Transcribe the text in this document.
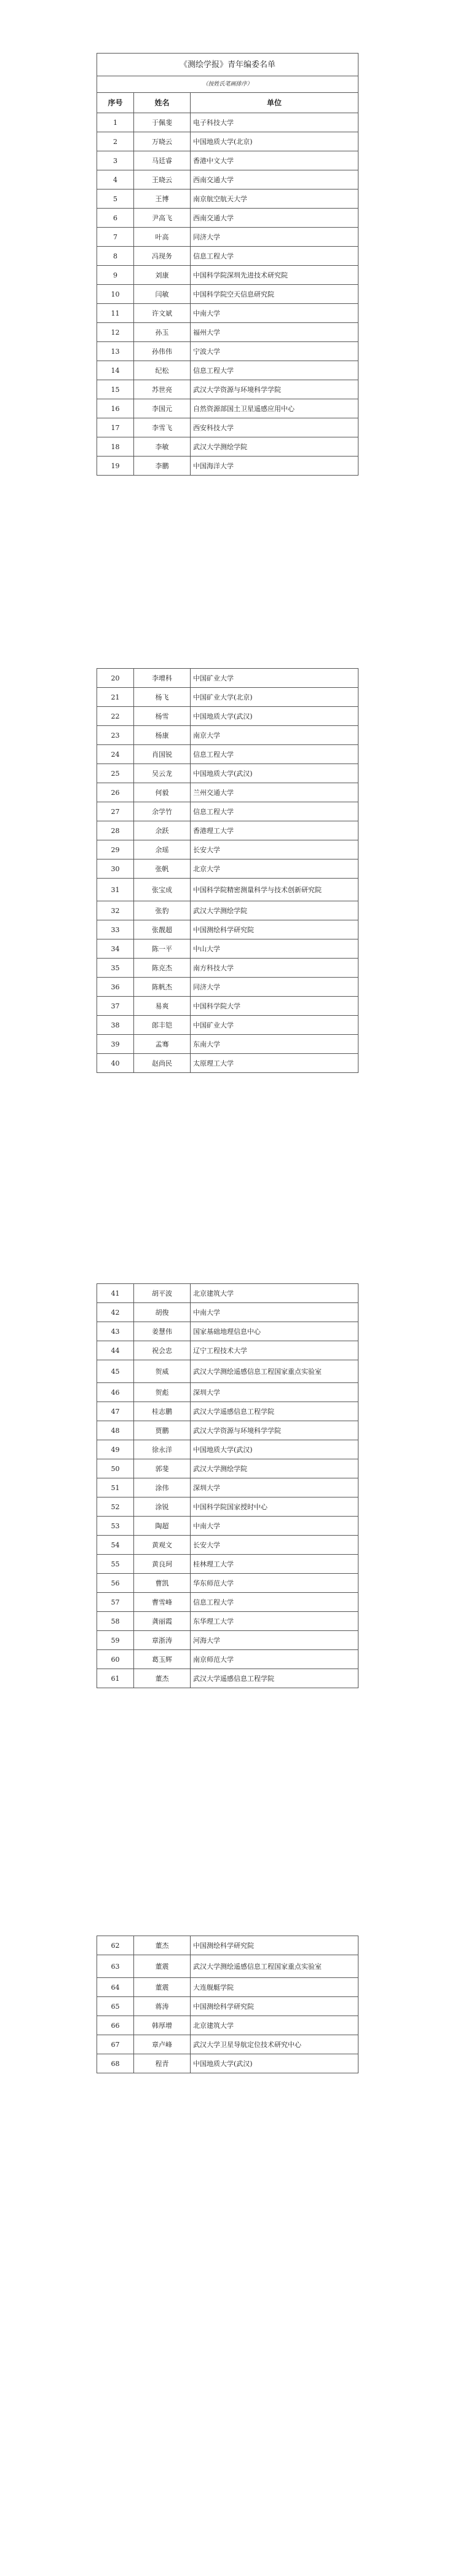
《测绘学报》青年编委名单		
（按姓氏笔画排序）		
序号	姓名	单位
1	于佩斐	电子科技大学
2	万晓云	中国地质大学(北京)
3	马廷睿	香港中文大学
4	王晓云	西南交通大学
5	王博	南京航空航天大学
6	尹高飞	西南交通大学
7	叶高	同济大学
8	冯现务	信息工程大学
9	刘康	中国科学院深圳先进技术研究院
10	闫敏	中国科学院空天信息研究院
11	许文斌	中南大学
12	孙玉	福州大学
13	孙伟伟	宁波大学
14	纪松	信息工程大学
15	苏世亮	武汉大学资源与环境科学学院
16	李国元	自然资源部国土卫星遥感应用中心
17	李雪飞	西安科技大学
18	李敏	武汉大学测绘学院
19	李鹏	中国海洋大学
20	李增科	中国矿业大学
21	杨飞	中国矿业大学(北京)
22	杨雪	中国地质大学(武汉)
23	杨康	南京大学
24	肖国锐	信息工程大学
25	吴云龙	中国地质大学(武汉)
26	何毅	兰州交通大学
27	余学竹	信息工程大学
28	余跃	香港理工大学
29	余瑶	长安大学
30	张帆	北京大学
31	张宝成	中国科学院精密测量科学与技术创新研究院
32	张豹	武汉大学测绘学院
33	张靓超	中国测绘科学研究院
34	陈一平	中山大学
35	陈克杰	南方科技大学
36	陈帆杰	同济大学
37	易爽	中国科学院大学
38	郎丰铠	中国矿业大学
39	孟骞	东南大学
40	赵尚民	太原理工大学
41	胡平波	北京建筑大学
42	胡俊	中南大学
43	姜慧伟	国家基础地理信息中心
44	祝会忠	辽宁工程技术大学
45	贺威	武汉大学测绘遥感信息工程国家重点实验室
46	贺彪	深圳大学
47	桂志鹏	武汉大学遥感信息工程学院
48	贾鹏	武汉大学资源与环境科学学院
49	徐永洋	中国地质大学(武汉)
50	郭斐	武汉大学测绘学院
51	涂伟	深圳大学
52	涂锐	中国科学院国家授时中心
53	陶超	中南大学
54	黄观文	长安大学
55	黄良珂	桂林理工大学
56	曹凯	华东师范大学
57	曹雪峰	信息工程大学
58	龚丽霞	东华理工大学
59	章浙涛	河海大学
60	葛玉辉	南京师范大学
61	董杰	武汉大学遥感信息工程学院
62	董杰	中国测绘科学研究院
63	董震	武汉大学测绘遥感信息工程国家重点实验室
64	董震	大连舰艇学院
65	蒋涛	中国测绘科学研究院
66	韩厚增	北京建筑大学
67	章卢峰	武汉大学卫星导航定位技术研究中心
68	程青	中国地质大学(武汉)
